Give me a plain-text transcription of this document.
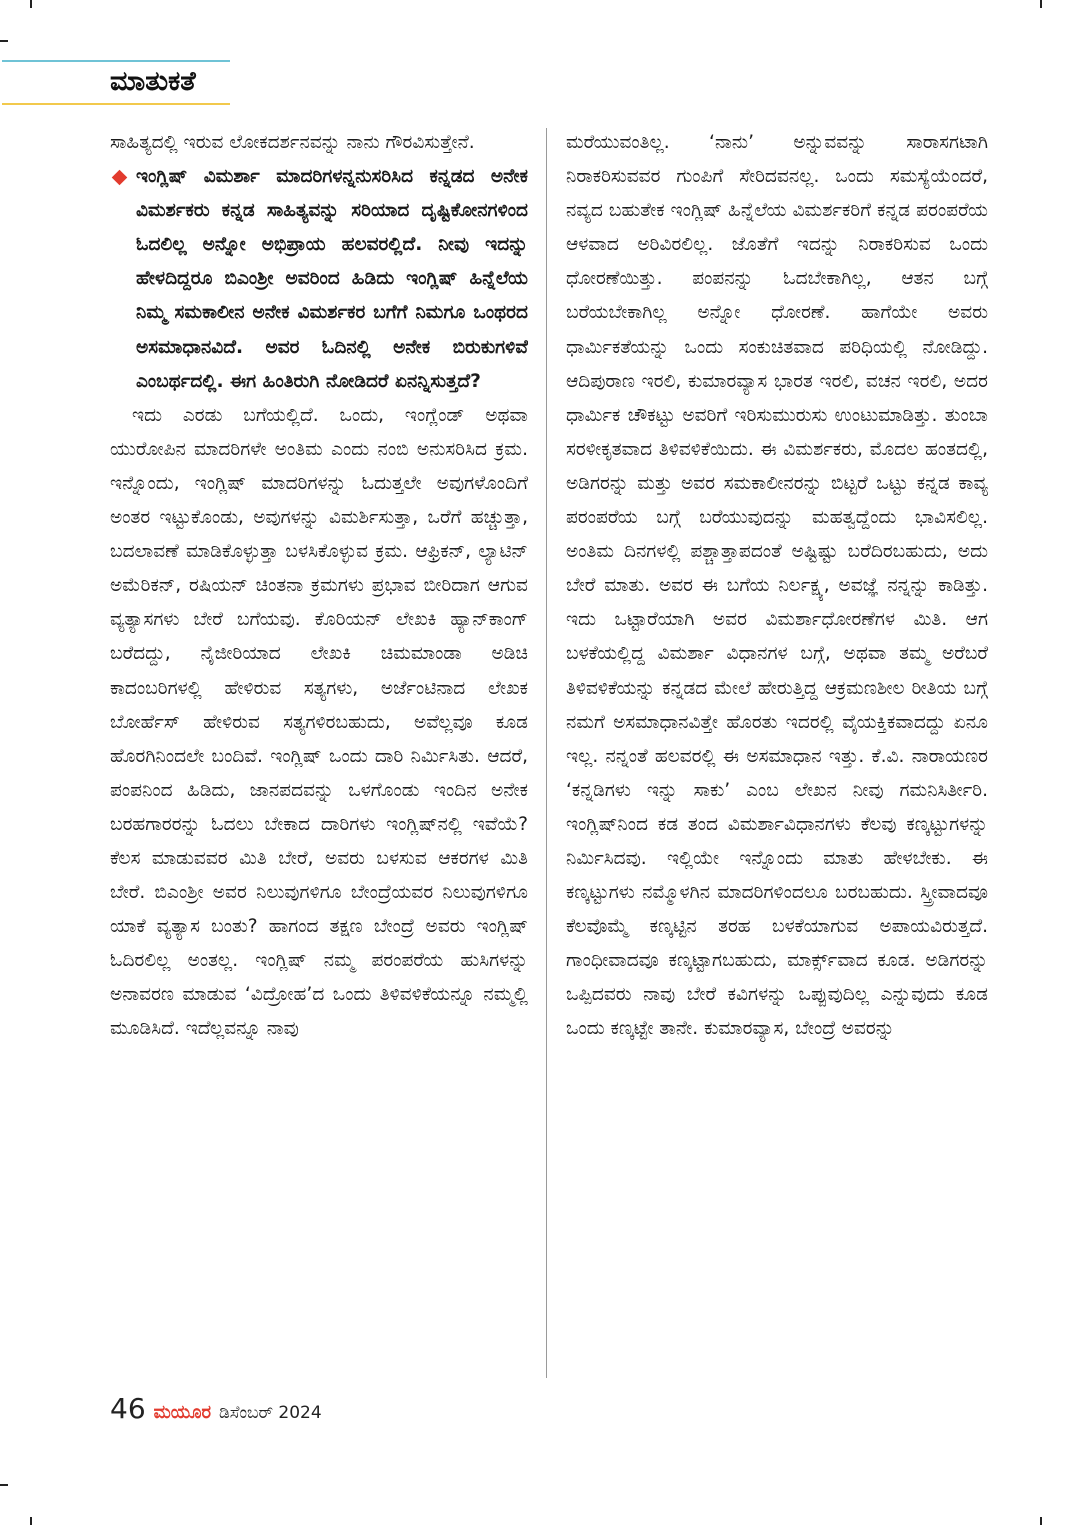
ಮಾತುಕತೆ

ಸಾಹಿತ್ಯದಲ್ಲಿ ಇರುವ ಲೋಕದರ್ಶನವನ್ನು ನಾನು ಗೌರವಿಸುತ್ತೇನೆ.

ಇಂಗ್ಲಿಷ್ ವಿಮರ್ಶಾ ಮಾದರಿಗಳನ್ನನುಸರಿಸಿದ ಕನ್ನಡದ ಅನೇಕ ವಿಮರ್ಶಕರು ಕನ್ನಡ ಸಾಹಿತ್ಯವನ್ನು ಸರಿಯಾದ ದೃಷ್ಟಿಕೋನಗಳಿಂದ ಓದಲಿಲ್ಲ ಅನ್ನೋ ಅಭಿಪ್ರಾಯ ಹಲವರಲ್ಲಿದೆ. ನೀವು ಇದನ್ನು ಹೇಳದಿದ್ದರೂ ಬಿಎಂಶ್ರೀ ಅವರಿಂದ ಹಿಡಿದು ಇಂಗ್ಲಿಷ್ ಹಿನ್ನೆಲೆಯ ನಿಮ್ಮ ಸಮಕಾಲೀನ ಅನೇಕ ವಿಮರ್ಶಕರ ಬಗೆಗೆ ನಿಮಗೂ ಒಂಥರದ ಅಸಮಾಧಾನವಿದೆ. ಅವರ ಓದಿನಲ್ಲಿ ಅನೇಕ ಬಿರುಕುಗಳಿವೆ ಎಂಬರ್ಥದಲ್ಲಿ. ಈಗ ಹಿಂತಿರುಗಿ ನೋಡಿದರೆ ಏನನ್ನಿಸುತ್ತದೆ?

ಇದು ಎರಡು ಬಗೆಯಲ್ಲಿದೆ. ಒಂದು, ಇಂಗ್ಲೆಂಡ್ ಅಥವಾ ಯುರೋಪಿನ ಮಾದರಿಗಳೇ ಅಂತಿಮ ಎಂದು ನಂಬಿ ಅನುಸರಿಸಿದ ಕ್ರಮ. ಇನ್ನೊಂದು, ಇಂಗ್ಲಿಷ್ ಮಾದರಿಗಳನ್ನು ಓದುತ್ತಲೇ ಅವುಗಳೊಂದಿಗೆ ಅಂತರ ಇಟ್ಟುಕೊಂಡು, ಅವುಗಳನ್ನು ವಿಮರ್ಶಿಸುತ್ತಾ, ಒರೆಗೆ ಹಚ್ಚುತ್ತಾ, ಬದಲಾವಣೆ ಮಾಡಿಕೊಳ್ಳುತ್ತಾ ಬಳಸಿಕೊಳ್ಳುವ ಕ್ರಮ. ಆಫ್ರಿಕನ್, ಲ್ಯಾಟಿನ್ ಅಮೆರಿಕನ್, ರಷಿಯನ್ ಚಿಂತನಾ ಕ್ರಮಗಳು ಪ್ರಭಾವ ಬೀರಿದಾಗ ಆಗುವ ವ್ಯತ್ಯಾಸಗಳು ಬೇರೆ ಬಗೆಯವು. ಕೊರಿಯನ್ ಲೇಖಕಿ ಹ್ಯಾನ್‌ಕಾಂಗ್ ಬರೆದದ್ದು, ನೈಜೀರಿಯಾದ ಲೇಖಕಿ ಚಿಮಮಾಂಡಾ ಅಡಿಚಿ ಕಾದಂಬರಿಗಳಲ್ಲಿ ಹೇಳಿರುವ ಸತ್ಯಗಳು, ಅರ್ಜೆಂಟಿನಾದ ಲೇಖಕ ಬೋರ್ಹೆಸ್ ಹೇಳಿರುವ ಸತ್ಯಗಳಿರಬಹುದು, ಅವೆಲ್ಲವೂ ಕೂಡ ಹೊರಗಿನಿಂದಲೇ ಬಂದಿವೆ. ಇಂಗ್ಲಿಷ್ ಒಂದು ದಾರಿ ನಿರ್ಮಿಸಿತು. ಆದರೆ, ಪಂಪನಿಂದ ಹಿಡಿದು, ಜಾನಪದವನ್ನು ಒಳಗೊಂಡು ಇಂದಿನ ಅನೇಕ ಬರಹಗಾರರನ್ನು ಓದಲು ಬೇಕಾದ ದಾರಿಗಳು ಇಂಗ್ಲಿಷ್‌ನಲ್ಲಿ ಇವೆಯೆ? ಕೆಲಸ ಮಾಡುವವರ ಮಿತಿ ಬೇರೆ, ಅವರು ಬಳಸುವ ಆಕರಗಳ ಮಿತಿ ಬೇರೆ. ಬಿಎಂಶ್ರೀ ಅವರ ನಿಲುವುಗಳಿಗೂ ಬೇಂದ್ರೆಯವರ ನಿಲುವುಗಳಿಗೂ ಯಾಕೆ ವ್ಯತ್ಯಾಸ ಬಂತು? ಹಾಗಂದ ತಕ್ಷಣ ಬೇಂದ್ರೆ ಅವರು ಇಂಗ್ಲಿಷ್ ಓದಿರಲಿಲ್ಲ ಅಂತಲ್ಲ. ಇಂಗ್ಲಿಷ್ ನಮ್ಮ ಪರಂಪರೆಯ ಹುಸಿಗಳನ್ನು ಅನಾವರಣ ಮಾಡುವ ‘ವಿದ್ರೋಹ’ದ ಒಂದು ತಿಳಿವಳಿಕೆಯನ್ನೂ ನಮ್ಮಲ್ಲಿ ಮೂಡಿಸಿದೆ. ಇದೆಲ್ಲವನ್ನೂ ನಾವು

ಮರೆಯುವಂತಿಲ್ಲ. ‘ನಾನು’ ಅನ್ನುವವನ್ನು ಸಾರಾಸಗಟಾಗಿ ನಿರಾಕರಿಸುವವರ ಗುಂಪಿಗೆ ಸೇರಿದವನಲ್ಲ. ಒಂದು ಸಮಸ್ಯೆಯೆಂದರೆ, ನವ್ಯದ ಬಹುತೇಕ ಇಂಗ್ಲಿಷ್ ಹಿನ್ನೆಲೆಯ ವಿಮರ್ಶಕರಿಗೆ ಕನ್ನಡ ಪರಂಪರೆಯ ಆಳವಾದ ಅರಿವಿರಲಿಲ್ಲ. ಜೊತೆಗೆ ಇದನ್ನು ನಿರಾಕರಿಸುವ ಒಂದು ಧೋರಣೆಯಿತ್ತು. ಪಂಪನನ್ನು ಓದಬೇಕಾಗಿಲ್ಲ, ಆತನ ಬಗ್ಗೆ ಬರೆಯಬೇಕಾಗಿಲ್ಲ ಅನ್ನೋ ಧೋರಣೆ. ಹಾಗೆಯೇ ಅವರು ಧಾರ್ಮಿಕತೆಯನ್ನು ಒಂದು ಸಂಕುಚಿತವಾದ ಪರಿಧಿಯಲ್ಲಿ ನೋಡಿದ್ದು. ಆದಿಪುರಾಣ ಇರಲಿ, ಕುಮಾರವ್ಯಾಸ ಭಾರತ ಇರಲಿ, ವಚನ ಇರಲಿ, ಅದರ ಧಾರ್ಮಿಕ ಚೌಕಟ್ಟು ಅವರಿಗೆ ಇರಿಸುಮುರುಸು ಉಂಟುಮಾಡಿತ್ತು. ತುಂಬಾ ಸರಳೀಕೃತವಾದ ತಿಳಿವಳಿಕೆಯಿದು. ಈ ವಿಮರ್ಶಕರು, ಮೊದಲ ಹಂತದಲ್ಲಿ, ಅಡಿಗರನ್ನು ಮತ್ತು ಅವರ ಸಮಕಾಲೀನರನ್ನು ಬಿಟ್ಟರೆ ಒಟ್ಟು ಕನ್ನಡ ಕಾವ್ಯ ಪರಂಪರೆಯ ಬಗ್ಗೆ ಬರೆಯುವುದನ್ನು ಮಹತ್ವದ್ದೆಂದು ಭಾವಿಸಲಿಲ್ಲ. ಅಂತಿಮ ದಿನಗಳಲ್ಲಿ ಪಶ್ಚಾತ್ತಾಪದಂತೆ ಅಷ್ಟಿಷ್ಟು ಬರೆದಿರಬಹುದು, ಅದು ಬೇರೆ ಮಾತು. ಅವರ ಈ ಬಗೆಯ ನಿರ್ಲಕ್ಷ್ಯ, ಅವಜ್ಞೆ ನನ್ನನ್ನು ಕಾಡಿತ್ತು. ಇದು ಒಟ್ಟಾರೆಯಾಗಿ ಅವರ ವಿಮರ್ಶಾಧೋರಣೆಗಳ ಮಿತಿ. ಆಗ ಬಳಕೆಯಲ್ಲಿದ್ದ ವಿಮರ್ಶಾ ವಿಧಾನಗಳ ಬಗ್ಗೆ, ಅಥವಾ ತಮ್ಮ ಅರೆಬರೆ ತಿಳಿವಳಿಕೆಯನ್ನು ಕನ್ನಡದ ಮೇಲೆ ಹೇರುತ್ತಿದ್ದ ಆಕ್ರಮಣಶೀಲ ರೀತಿಯ ಬಗ್ಗೆ ನಮಗೆ ಅಸಮಾಧಾನವಿತ್ತೇ ಹೊರತು ಇದರಲ್ಲಿ ವೈಯಕ್ತಿಕವಾದದ್ದು ಏನೂ ಇಲ್ಲ. ನನ್ನಂತೆ ಹಲವರಲ್ಲಿ ಈ ಅಸಮಾಧಾನ ಇತ್ತು. ಕೆ.ವಿ. ನಾರಾಯಣರ ‘ಕನ್ನಡಿಗಳು ಇನ್ನು ಸಾಕು’ ಎಂಬ ಲೇಖನ ನೀವು ಗಮನಿಸಿರ್ತೀರಿ. ಇಂಗ್ಲಿಷ್‌ನಿಂದ ಕಡ ತಂದ ವಿಮರ್ಶಾವಿಧಾನಗಳು ಕೆಲವು ಕಣ್ಕಟ್ಟುಗಳನ್ನು ನಿರ್ಮಿಸಿದವು. ಇಲ್ಲಿಯೇ ಇನ್ನೊಂದು ಮಾತು ಹೇಳಬೇಕು. ಈ ಕಣ್ಕಟ್ಟುಗಳು ನಮ್ಮೊಳಗಿನ ಮಾದರಿಗಳಿಂದಲೂ ಬರಬಹುದು. ಸ್ತ್ರೀವಾದವೂ ಕೆಲವೊಮ್ಮೆ ಕಣ್ಕಟ್ಟಿನ ತರಹ ಬಳಕೆಯಾಗುವ ಅಪಾಯವಿರುತ್ತದೆ. ಗಾಂಧೀವಾದವೂ ಕಣ್ಕಟ್ಟಾಗಬಹುದು, ಮಾರ್ಕ್ಸ್‌ವಾದ ಕೂಡ. ಅಡಿಗರನ್ನು ಒಪ್ಪಿದವರು ನಾವು ಬೇರೆ ಕವಿಗಳನ್ನು ಒಪ್ಪುವುದಿಲ್ಲ ಎನ್ನುವುದು ಕೂಡ ಒಂದು ಕಣ್ಕಟ್ಟೇ ತಾನೇ. ಕುಮಾರವ್ಯಾಸ, ಬೇಂದ್ರೆ ಅವರನ್ನು

46 ಮಯೂರ ಡಿಸೆಂಬರ್ 2024
